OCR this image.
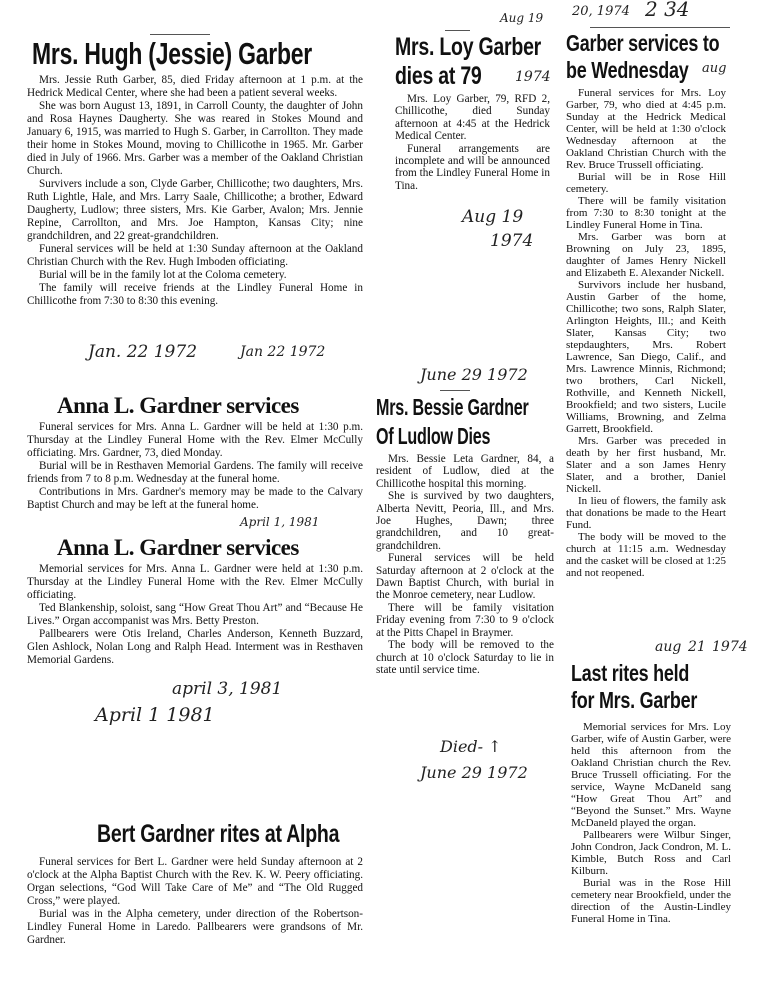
2 34
Mrs. Hugh (Jessie) Garber

Mrs. Jessie Ruth Garber, 85, died Friday afternoon at 1 p.m. at the Hedrick Medical Center, where she had been a patient several weeks.

She was born August 13, 1891, in Carroll County, the daughter of John and Rosa Haynes Daugherty. She was reared in Stokes Mound and January 6, 1915, was married to Hugh S. Garber, in Carrollton. They made their home in Stokes Mound, moving to Chillicothe in 1965. Mr. Garber died in July of 1966. Mrs. Garber was a member of the Oakland Christian Church.

Survivers include a son, Clyde Garber, Chillicothe; two daughters, Mrs. Ruth Lightle, Hale, and Mrs. Larry Saale, Chillicothe; a brother, Edward Daugherty, Ludlow; three sisters, Mrs. Kie Garber, Avalon; Mrs. Jennie Repine, Carrollton, and Mrs. Joe Hampton, Kansas City; nine grandchildren, and 22 great-grandchildren.

Funeral services will be held at 1:30 Sunday afternoon at the Oakland Christian Church with the Rev. Hugh Imboden officiating.

Burial will be in the family lot at the Coloma cemetery.

The family will receive friends at the Lindley Funeral Home in Chillicothe from 7:30 to 8:30 this evening.

Jan 22 1972
Jan. 22 1972
Anna L. Gardner services

Funeral services for Mrs. Anna L. Gardner will be held at 1:30 p.m. Thursday at the Lindley Funeral Home with the Rev. Elmer McCully officiating. Mrs. Gardner, 73, died Monday.

Burial will be in Resthaven Memorial Gardens. The family will receive friends from 7 to 8 p.m. Wednesday at the funeral home.

Contributions in Mrs. Gardner's memory may be made to the Calvary Baptist Church and may be left at the funeral home.

April 1, 1981
Anna L. Gardner services

Memorial services for Mrs. Anna L. Gardner were held at 1:30 p.m. Thursday at the Lindley Funeral Home with the Rev. Elmer McCully officiating.

Ted Blankenship, soloist, sang “How Great Thou Art” and “Because He Lives.” Organ accompanist was Mrs. Betty Preston.

Pallbearers were Otis Ireland, Charles Anderson, Kenneth Buzzard, Glen Ashlock, Nolan Long and Ralph Head. Interment was in Resthaven Memorial Gardens.

april 3, 1981
April 1 1981
Bert Gardner rites at Alpha

Funeral services for Bert L. Gardner were held Sunday afternoon at 2 o'clock at the Alpha Baptist Church with the Rev. K. W. Peery officiating. Organ selections, “God Will Take Care of Me” and “The Old Rugged Cross,” were played.

Burial was in the Alpha cemetery, under direction of the Robertson-Lindley Funeral Home in Laredo. Pallbearers were grandsons of Mr. Gardner.

Mrs. Loy Garber
dies at 79

Mrs. Loy Garber, 79, RFD 2, Chillicothe, died Sunday afternoon at 4:45 at the Hedrick Medical Center.

Funeral arrangements are incomplete and will be announced from the Lindley Funeral Home in Tina.

Aug 19
1974
Aug 19
1974
June 29 1972
Mrs. Bessie Gardner
Of Ludlow Dies

Mrs. Bessie Leta Gardner, 84, a resident of Ludlow, died at the Chillicothe hospital this morning.

She is survived by two daughters, Alberta Nevitt, Peoria, Ill., and Mrs. Joe Hughes, Dawn; three grandchildren, and 10 great-grandchildren.

Funeral services will be held Saturday afternoon at 2 o'clock at the Dawn Baptist Church, with burial in the Monroe cemetery, near Ludlow.

There will be family visitation Friday evening from 7:30 to 9 o'clock at the Pitts Chapel in Braymer.

The body will be removed to the church at 10 o'clock Saturday to lie in state until service time.

Died- ↑
June 29 1972
20, 1974
Garber services to
be Wednesday

Funeral services for Mrs. Loy Garber, 79, who died at 4:45 p.m. Sunday at the Hedrick Medical Center, will be held at 1:30 o'clock Wednesday afternoon at the Oakland Christian Church with the Rev. Bruce Trussell officiating.

Burial will be in Rose Hill cemetery.

There will be family visitation from 7:30 to 8:30 tonight at the Lindley Funeral Home in Tina.

Mrs. Garber was born at Browning on July 23, 1895, daughter of James Henry Nickell and Elizabeth E. Alexander Nickell.

Survivors include her husband, Austin Garber of the home, Chillicothe; two sons, Ralph Slater, Arlington Heights, Ill.; and Keith Slater, Kansas City; two stepdaughters, Mrs. Robert Lawrence, San Diego, Calif., and Mrs. Lawrence Minnis, Richmond; two brothers, Carl Nickell, Rothville, and Kenneth Nickell, Brookfield; and two sisters, Lucile Williams, Browning, and Zelma Garrett, Brookfield.

Mrs. Garber was preceded in death by her first husband, Mr. Slater and a son James Henry Slater, and a brother, Daniel Nickell.

In lieu of flowers, the family ask that donations be made to the Heart Fund.

The body will be moved to the church at 11:15 a.m. Wednesday and the casket will be closed at 1:25 and not reopened.

aug
aug 21 1974
Last rites held
for Mrs. Garber

Memorial services for Mrs. Loy Garber, wife of Austin Garber, were held this afternoon from the Oakland Christian church the Rev. Bruce Trussell officiating. For the service, Wayne McDaneld sang “How Great Thou Art” and “Beyond the Sunset.” Mrs. Wayne McDaneld played the organ.

Pallbearers were Wilbur Singer, John Condron, Jack Condron, M. L. Kimble, Butch Ross and Carl Kilburn.

Burial was in the Rose Hill cemetery near Brookfield, under the direction of the Austin-Lindley Funeral Home in Tina.
